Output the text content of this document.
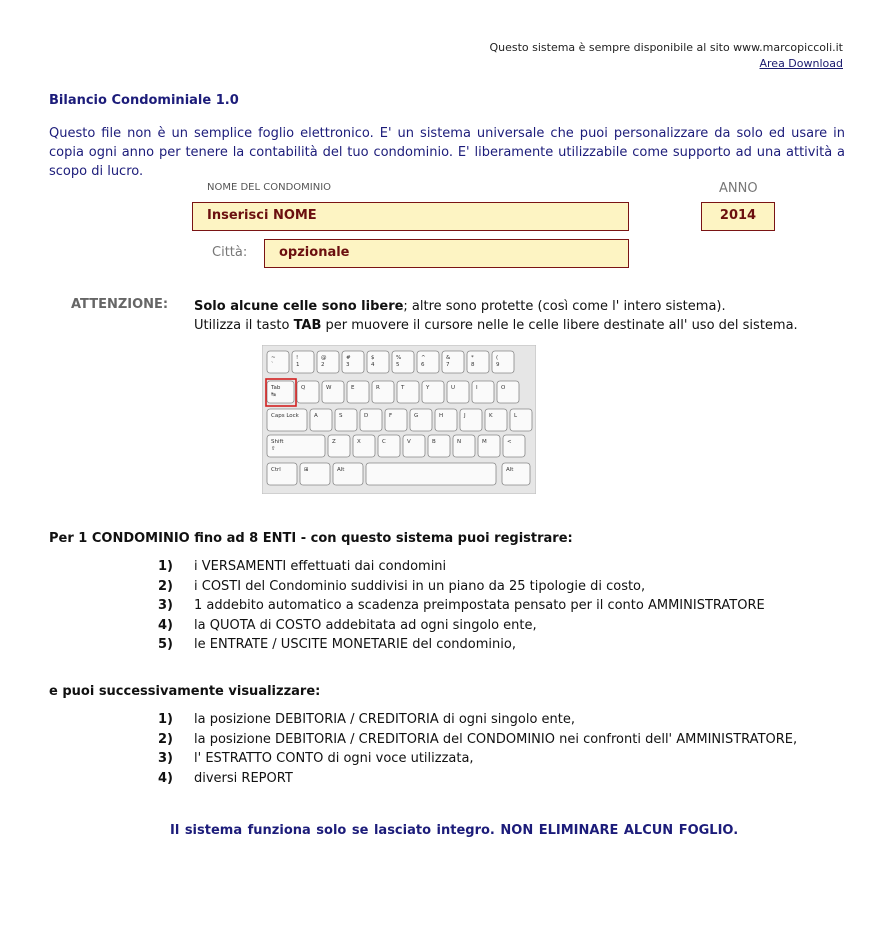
Questo sistema è sempre disponibile al sito www.marcopiccoli.it
Area Download
Bilancio Condominiale 1.0
Questo file non è un semplice foglio elettronico. E' un sistema universale che puoi personalizzare da solo ed usare in copia ogni anno per tenere la contabilità del tuo condominio. E' liberamente utilizzabile come supporto ad una attività a scopo di lucro.
NOME DEL CONDOMINIO	ANNO
Inserisci NOME	2014
Città:	opzionale
ATTENZIONE: Solo alcune celle sono libere; altre sono protette (così come l' intero sistema).
Utilizza il tasto TAB per muovere il cursore nelle le celle libere destinate all' uso del sistema.
~
`
!
1
@
2
#
3
$
4
%
5
^
6
&
7
*
8
(
9
Tab
↹
Q	W	E	R	T	Y	U	I	O
Caps Lock	A	S	D	F	G	H	J	K	L
Shift
⇧
Z	X	C	V	B	N	M	<
Ctrl	⊞	Alt	Alt
Per 1 CONDOMINIO fino ad 8 ENTI - con questo sistema puoi registrare:
1)	i VERSAMENTI effettuati dai condomini
2)	i COSTI del Condominio suddivisi in un piano da 25 tipologie di costo,
3)	1 addebito automatico a scadenza preimpostata pensato per il conto AMMINISTRATORE
4)	la QUOTA di COSTO addebitata ad ogni singolo ente,
5)	le ENTRATE / USCITE MONETARIE del condominio,
e puoi successivamente visualizzare:
1)	la posizione DEBITORIA / CREDITORIA di ogni singolo ente,
2)	la posizione DEBITORIA / CREDITORIA del CONDOMINIO nei confronti dell' AMMINISTRATORE,
3)	l' ESTRATTO CONTO di ogni voce utilizzata,
4)	diversi REPORT
Il sistema funziona solo se lasciato integro. NON ELIMINARE ALCUN FOGLIO.
